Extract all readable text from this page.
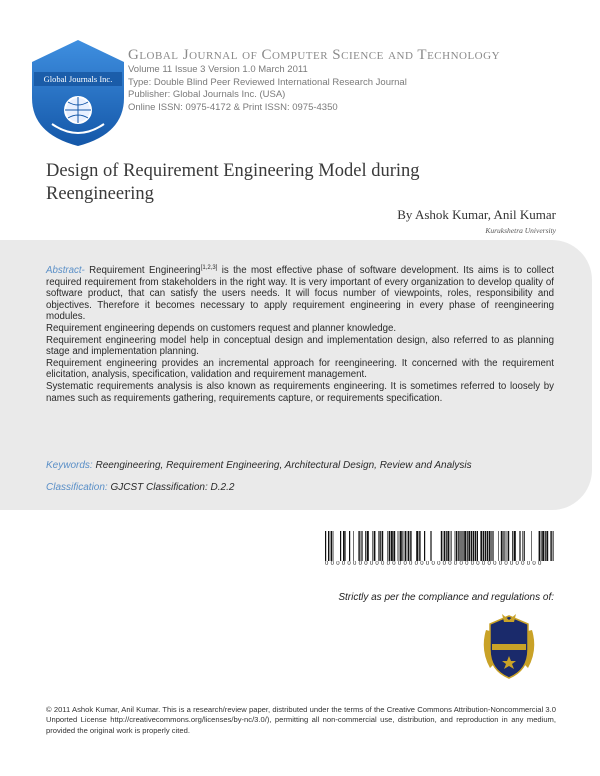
Global Journals Inc.
Global Journal of Computer Science and Technology
Volume 11 Issue 3 Version 1.0 March 2011
Type: Double Blind Peer Reviewed International Research Journal
Publisher: Global Journals Inc. (USA)
Online ISSN: 0975-4172 & Print ISSN: 0975-4350
Design of Requirement Engineering Model during Reengineering
By Ashok Kumar, Anil Kumar
Kurukshetra University

Abstract- Requirement Engineering[1,2,3] is the most effective phase of software development. Its aims is to collect required requirement from stakeholders in the right way. It is very important of every organization to develop quality of software product, that can satisfy the users needs. It will focus number of viewpoints, roles, responsibility and objectives. Therefore it becomes necessary to apply requirement engineering in every phase of reengineering modules.

Requirement engineering depends on customers request and planner knowledge.

Requirement engineering model help in conceptual design and implementation design, also referred to as planning stage and implementation planning.

Requirement engineering provides an incremental approach for reengineering. It concerned with the requirement elicitation, analysis, specification, validation and requirement management.

Systematic requirements analysis is also known as requirements engineering. It is sometimes referred to loosely by names such as requirements gathering, requirements capture, or requirements specification.

Keywords: Reengineering, Requirement Engineering, Architectural Design, Review and Analysis
Classification: GJCST Classification: D.2.2
0 0 0 0 0 0 0 0 0 0 0 0 0 0 0 0 0 0 0 0 0 0 0 0 0 0 0 0 0 0 0 0 0 0 0 0 0 0 0
Strictly as per the compliance and regulations of:
© 2011 Ashok Kumar, Anil Kumar. This is a research/review paper, distributed under the terms of the Creative Commons Attribution-Noncommercial 3.0 Unported License http://creativecommons.org/licenses/by-nc/3.0/), permitting all non-commercial use, distribution, and reproduction in any medium, provided the original work is properly cited.
